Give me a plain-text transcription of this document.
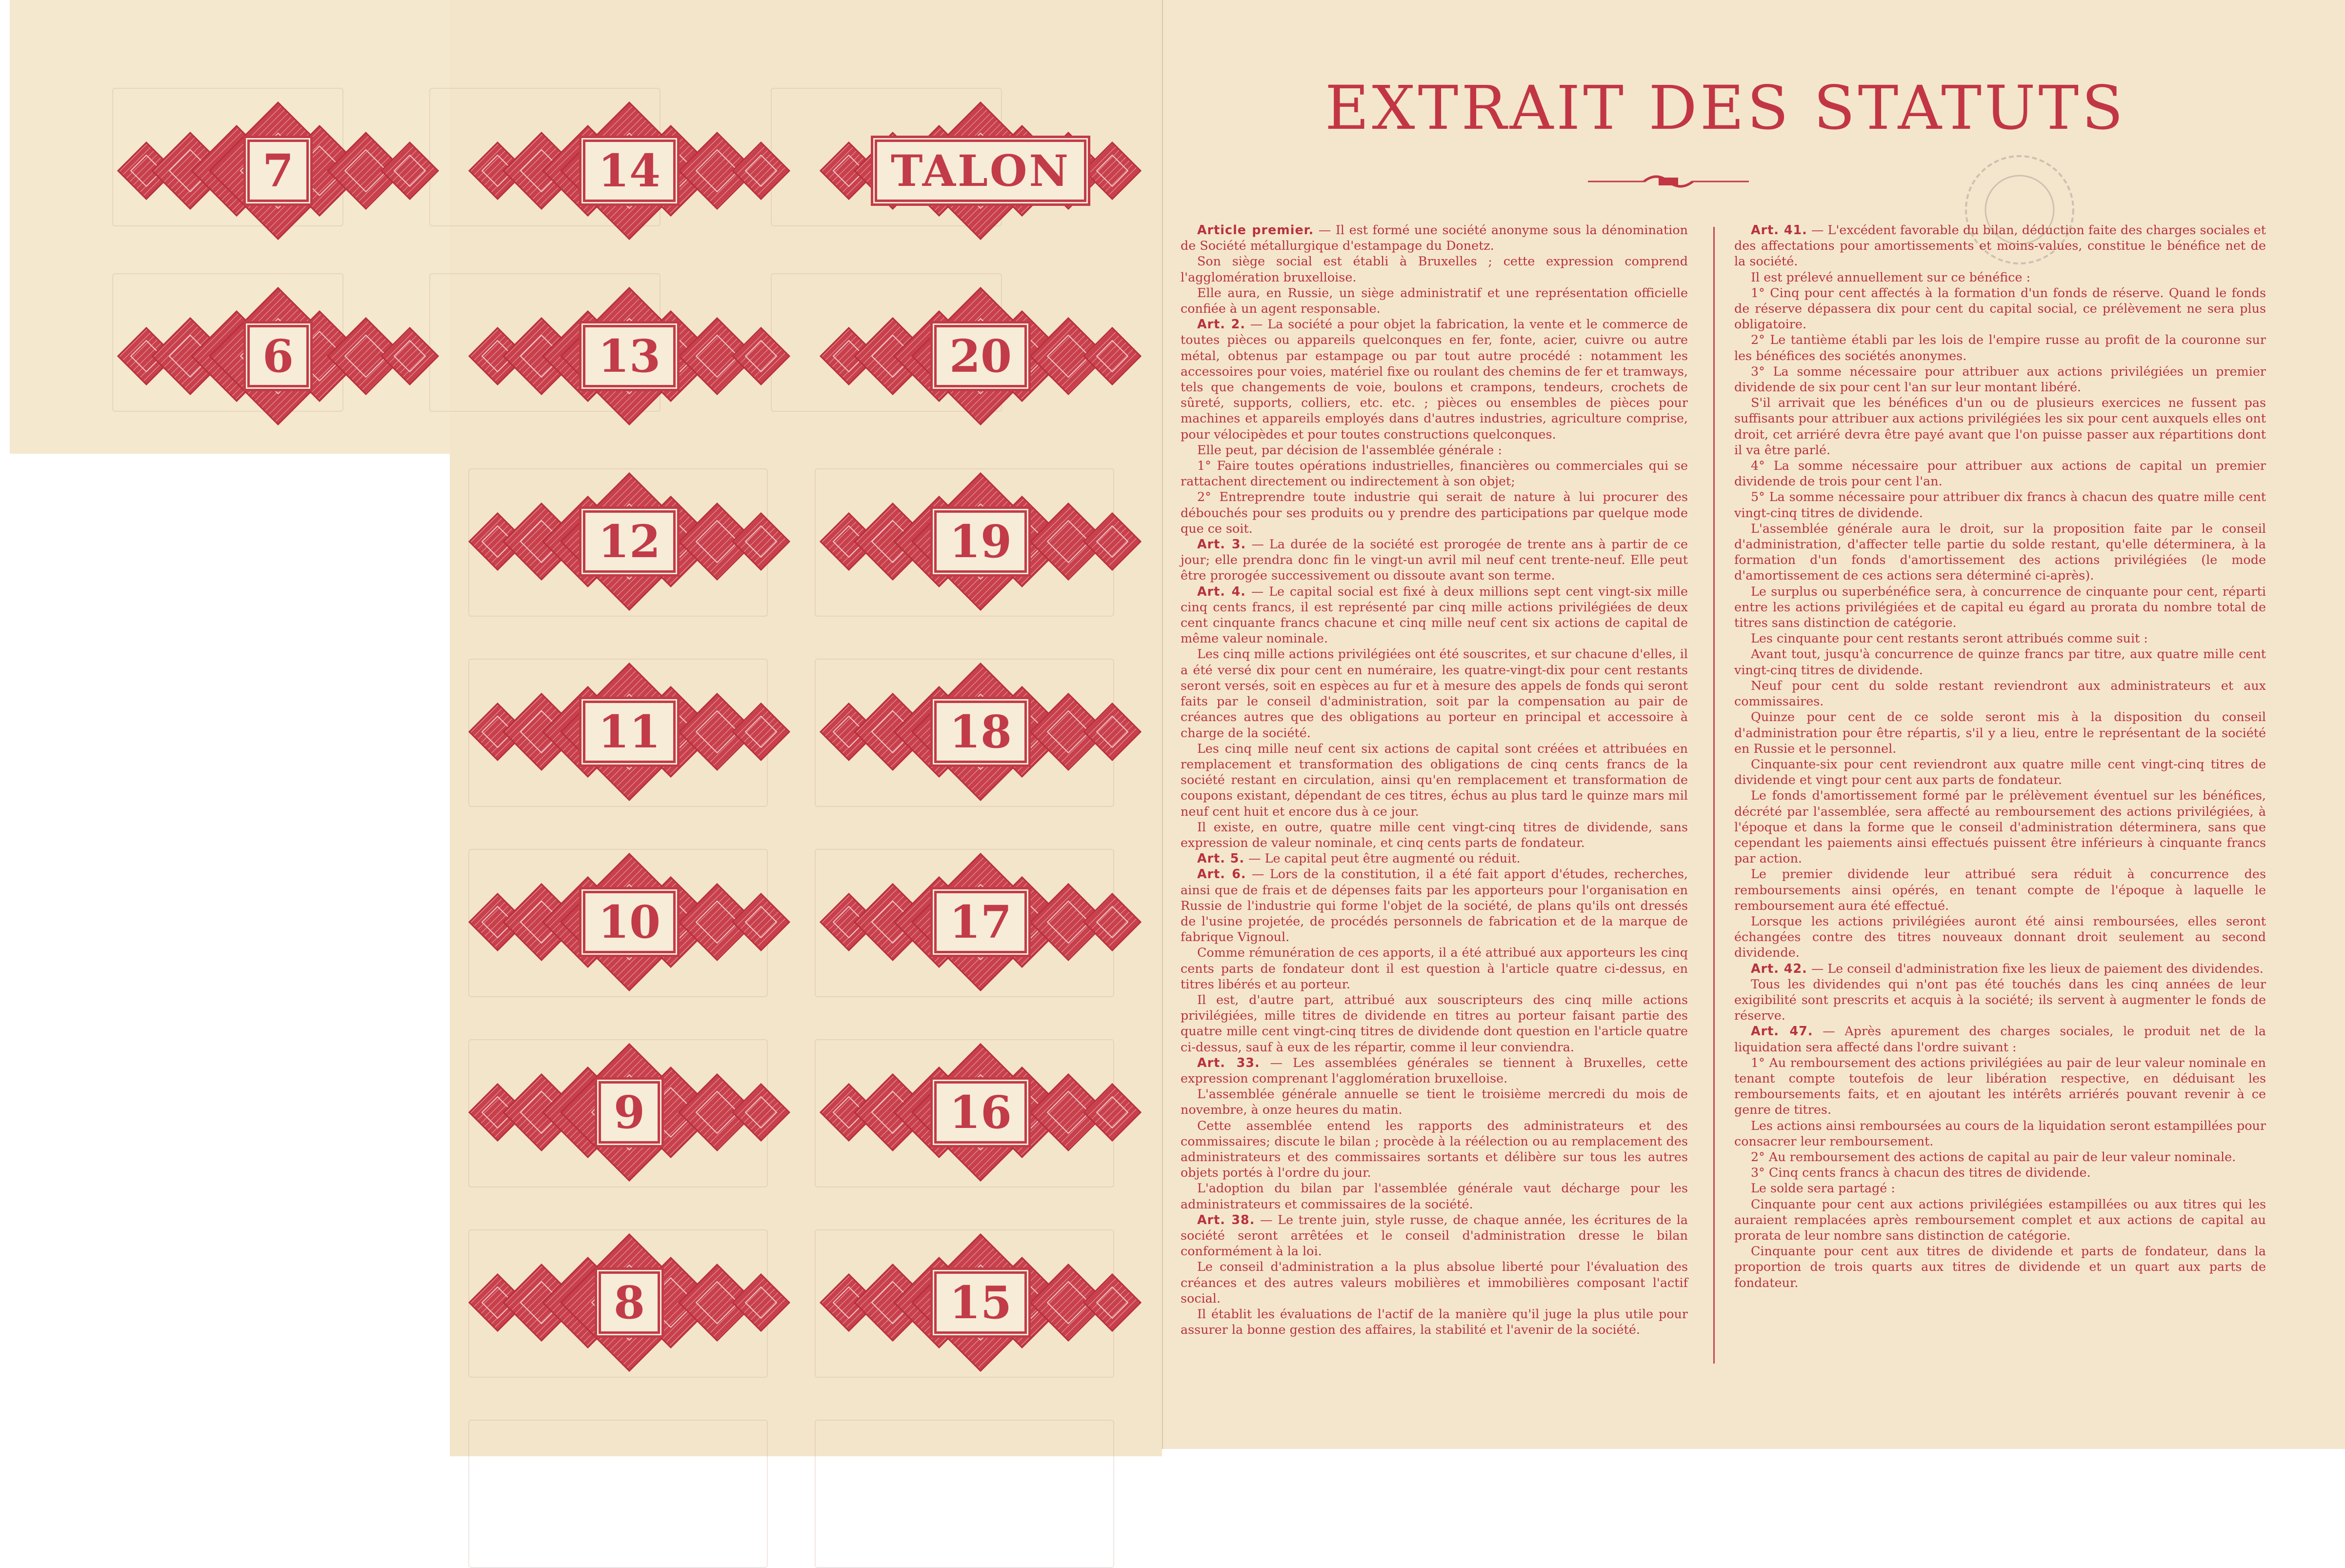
7	14	TALON
6	13	20
12
11
10
9
8
19
18
17
16
15
EXTRAIT DES STATUTS

Article premier. — Il est formé une société anonyme sous la dénomination de Société métallurgique d'estampage du Donetz.

Son siège social est établi à Bruxelles ; cette expression comprend l'agglomération bruxelloise.

Elle aura, en Russie, un siège administratif et une représentation officielle confiée à un agent responsable.

Art. 2. — La société a pour objet la fabrication, la vente et le commerce de toutes pièces ou appareils quelconques en fer, fonte, acier, cuivre ou autre métal, obtenus par estampage ou par tout autre procédé : notamment les accessoires pour voies, matériel fixe ou roulant des chemins de fer et tramways, tels que changements de voie, boulons et crampons, tendeurs, crochets de sûreté, supports, colliers, etc. etc. ; pièces ou ensembles de pièces pour machines et appareils employés dans d'autres industries, agriculture comprise, pour vélocipèdes et pour toutes constructions quelconques.

Elle peut, par décision de l'assemblée générale :

1° Faire toutes opérations industrielles, financières ou commerciales qui se rattachent directement ou indirectement à son objet;

2° Entreprendre toute industrie qui serait de nature à lui procurer des débouchés pour ses produits ou y prendre des participations par quelque mode que ce soit.

Art. 3. — La durée de la société est prorogée de trente ans à partir de ce jour; elle prendra donc fin le vingt-un avril mil neuf cent trente-neuf. Elle peut être prorogée successivement ou dissoute avant son terme.

Art. 4. — Le capital social est fixé à deux millions sept cent vingt-six mille cinq cents francs, il est représenté par cinq mille actions privilégiées de deux cent cinquante francs chacune et cinq mille neuf cent six actions de capital de même valeur nominale.

Les cinq mille actions privilégiées ont été souscrites, et sur chacune d'elles, il a été versé dix pour cent en numéraire, les quatre-vingt-dix pour cent restants seront versés, soit en espèces au fur et à mesure des appels de fonds qui seront faits par le conseil d'administration, soit par la compensation au pair de créances autres que des obligations au porteur en principal et accessoire à charge de la société.

Les cinq mille neuf cent six actions de capital sont créées et attribuées en remplacement et transformation des obligations de cinq cents francs de la société restant en circulation, ainsi qu'en remplacement et transformation de coupons existant, dépendant de ces titres, échus au plus tard le quinze mars mil neuf cent huit et encore dus à ce jour.

Il existe, en outre, quatre mille cent vingt-cinq titres de dividende, sans expression de valeur nominale, et cinq cents parts de fondateur.

Art. 5. — Le capital peut être augmenté ou réduit.

Art. 6. — Lors de la constitution, il a été fait apport d'études, recherches, ainsi que de frais et de dépenses faits par les apporteurs pour l'organisation en Russie de l'industrie qui forme l'objet de la société, de plans qu'ils ont dressés de l'usine projetée, de procédés personnels de fabrication et de la marque de fabrique Vignoul.

Comme rémunération de ces apports, il a été attribué aux apporteurs les cinq cents parts de fondateur dont il est question à l'article quatre ci-dessus, en titres libérés et au porteur.

Il est, d'autre part, attribué aux souscripteurs des cinq mille actions privilégiées, mille titres de dividende en titres au porteur faisant partie des quatre mille cent vingt-cinq titres de dividende dont question en l'article quatre ci-dessus, sauf à eux de les répartir, comme il leur conviendra.

Art. 33. — Les assemblées générales se tiennent à Bruxelles, cette expression comprenant l'agglomération bruxelloise.

L'assemblée générale annuelle se tient le troisième mercredi du mois de novembre, à onze heures du matin.

Cette assemblée entend les rapports des administrateurs et des commissaires; discute le bilan ; procède à la réélection ou au remplacement des administrateurs et des commissaires sortants et délibère sur tous les autres objets portés à l'ordre du jour.

L'adoption du bilan par l'assemblée générale vaut décharge pour les administrateurs et commissaires de la société.

Art. 38. — Le trente juin, style russe, de chaque année, les écritures de la société seront arrêtées et le conseil d'administration dresse le bilan conformément à la loi.

Le conseil d'administration a la plus absolue liberté pour l'évaluation des créances et des autres valeurs mobilières et immobilières composant l'actif social.

Il établit les évaluations de l'actif de la manière qu'il juge la plus utile pour assurer la bonne gestion des affaires, la stabilité et l'avenir de la société.

Art. 41. — L'excédent favorable du bilan, déduction faite des charges sociales et des affectations pour amortissements et moins-values, constitue le bénéfice net de la société.

Il est prélevé annuellement sur ce bénéfice :

1° Cinq pour cent affectés à la formation d'un fonds de réserve. Quand le fonds de réserve dépassera dix pour cent du capital social, ce prélèvement ne sera plus obligatoire.

2° Le tantième établi par les lois de l'empire russe au profit de la couronne sur les bénéfices des sociétés anonymes.

3° La somme nécessaire pour attribuer aux actions privilégiées un premier dividende de six pour cent l'an sur leur montant libéré.

S'il arrivait que les bénéfices d'un ou de plusieurs exercices ne fussent pas suffisants pour attribuer aux actions privilégiées les six pour cent auxquels elles ont droit, cet arriéré devra être payé avant que l'on puisse passer aux répartitions dont il va être parlé.

4° La somme nécessaire pour attribuer aux actions de capital un premier dividende de trois pour cent l'an.

5° La somme nécessaire pour attribuer dix francs à chacun des quatre mille cent vingt-cinq titres de dividende.

L'assemblée générale aura le droit, sur la proposition faite par le conseil d'administration, d'affecter telle partie du solde restant, qu'elle déterminera, à la formation d'un fonds d'amortissement des actions privilégiées (le mode d'amortissement de ces actions sera déterminé ci-après).

Le surplus ou superbénéfice sera, à concurrence de cinquante pour cent, réparti entre les actions privilégiées et de capital eu égard au prorata du nombre total de titres sans distinction de catégorie.

Les cinquante pour cent restants seront attribués comme suit :

Avant tout, jusqu'à concurrence de quinze francs par titre, aux quatre mille cent vingt-cinq titres de dividende.

Neuf pour cent du solde restant reviendront aux administrateurs et aux commissaires.

Quinze pour cent de ce solde seront mis à la disposition du conseil d'administration pour être répartis, s'il y a lieu, entre le représentant de la société en Russie et le personnel.

Cinquante-six pour cent reviendront aux quatre mille cent vingt-cinq titres de dividende et vingt pour cent aux parts de fondateur.

Le fonds d'amortissement formé par le prélèvement éventuel sur les bénéfices, décrété par l'assemblée, sera affecté au remboursement des actions privilégiées, à l'époque et dans la forme que le conseil d'administration déterminera, sans que cependant les paiements ainsi effectués puissent être inférieurs à cinquante francs par action.

Le premier dividende leur attribué sera réduit à concurrence des remboursements ainsi opérés, en tenant compte de l'époque à laquelle le remboursement aura été effectué.

Lorsque les actions privilégiées auront été ainsi remboursées, elles seront échangées contre des titres nouveaux donnant droit seulement au second dividende.

Art. 42. — Le conseil d'administration fixe les lieux de paiement des dividendes.

Tous les dividendes qui n'ont pas été touchés dans les cinq années de leur exigibilité sont prescrits et acquis à la société; ils servent à augmenter le fonds de réserve.

Art. 47. — Après apurement des charges sociales, le produit net de la liquidation sera affecté dans l'ordre suivant :

1° Au remboursement des actions privilégiées au pair de leur valeur nominale en tenant compte toutefois de leur libération respective, en déduisant les remboursements faits, et en ajoutant les intérêts arriérés pouvant revenir à ce genre de titres.

Les actions ainsi remboursées au cours de la liquidation seront estampillées pour consacrer leur remboursement.

2° Au remboursement des actions de capital au pair de leur valeur nominale.

3° Cinq cents francs à chacun des titres de dividende.

Le solde sera partagé :

Cinquante pour cent aux actions privilégiées estampillées ou aux titres qui les auraient remplacées après remboursement complet et aux actions de capital au prorata de leur nombre sans distinction de catégorie.

Cinquante pour cent aux titres de dividende et parts de fondateur, dans la proportion de trois quarts aux titres de dividende et un quart aux parts de fondateur.
